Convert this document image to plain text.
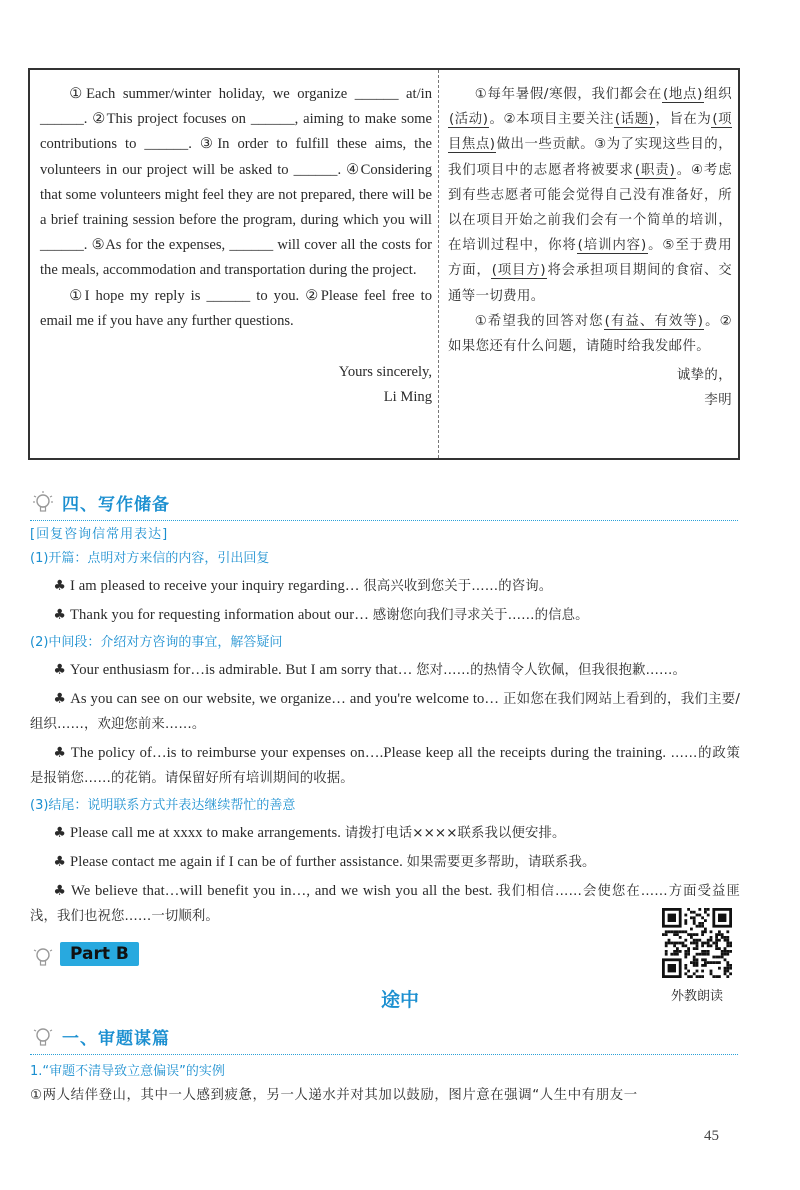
①Each summer/winter holiday, we organize ______ at/in ______. ②This project focuses on ______, aiming to make some contributions to ______. ③In order to fulfill these aims, the volunteers in our project will be asked to ______. ④Considering that some volunteers might feel they are not prepared, there will be a brief training session before the program, during which you will ______. ⑤As for the expenses, ______ will cover all the costs for the meals, accommodation and transportation during the project.

①I hope my reply is ______ to you. ②Please feel free to email me if you have any further questions.

Yours sincerely,
Li Ming

①每年暑假/寒假，我们都会在(地点)组织(活动)。②本项目主要关注(话题)，旨在为(项目焦点)做出一些贡献。③为了实现这些目的，我们项目中的志愿者将被要求(职责)。④考虑到有些志愿者可能会觉得自己没有准备好，所以在项目开始之前我们会有一个简单的培训，在培训过程中，你将(培训内容)。⑤至于费用方面，(项目方)将会承担项目期间的食宿、交通等一切费用。

①希望我的回答对您(有益、有效等)。②如果您还有什么问题，请随时给我发邮件。

诚挚的，
李明
四、写作储备
[回复咨询信常用表达]
(1)开篇：点明对方来信的内容，引出回复
♣ I am pleased to receive your inquiry regarding… 很高兴收到您关于……的咨询。
♣ Thank you for requesting information about our… 感谢您向我们寻求关于……的信息。
(2)中间段：介绍对方咨询的事宜，解答疑问
♣ Your enthusiasm for…is admirable. But I am sorry that… 您对……的热情令人钦佩，但我很抱歉……。
♣ As you can see on our website, we organize… and you're welcome to… 正如您在我们网站上看到的，我们主要/组织……，欢迎您前来……。
♣ The policy of…is to reimburse your expenses on….Please keep all the receipts during the training. ……的政策是报销您……的花销。请保留好所有培训期间的收据。
(3)结尾：说明联系方式并表达继续帮忙的善意
♣ Please call me at xxxx to make arrangements. 请拨打电话××××联系我以便安排。
♣ Please contact me again if I can be of further assistance. 如果需要更多帮助，请联系我。
♣ We believe that…will benefit you in…, and we wish you all the best. 我们相信……会使您在……方面受益匪浅，我们也祝您……一切顺利。
外教朗读
Part B
途中
一、审题谋篇
1.“审题不清导致立意偏误”的实例
①两人结伴登山，其中一人感到疲惫，另一人递水并对其加以鼓励，图片意在强调“人生中有朋友一
45
